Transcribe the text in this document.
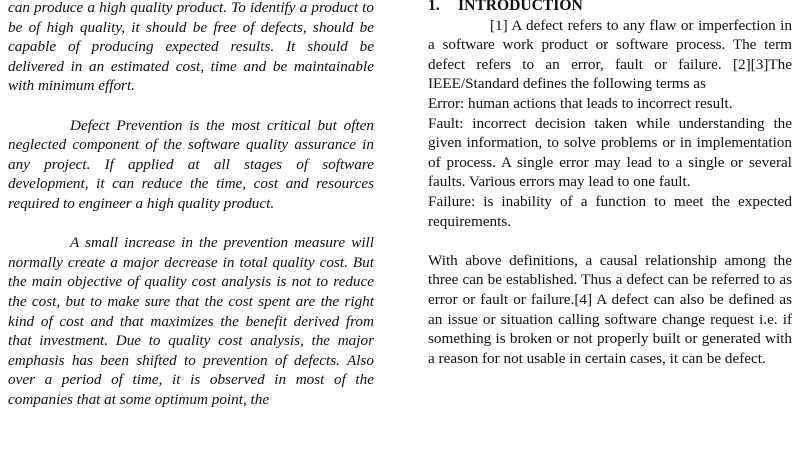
can produce a high quality product. To identify a product to be of high quality, it should be free of defects, should be capable of producing expected results. It should be delivered in an estimated cost, time and be maintainable with minimum effort.

Defect Prevention is the most critical but often neglected component of the software quality assurance in any project. If applied at all stages of software development, it can reduce the time, cost and resources required to engineer a high quality product.

A small increase in the prevention measure will normally create a major decrease in total quality cost. But the main objective of quality cost analysis is not to reduce the cost, but to make sure that the cost spent are the right kind of cost and that maximizes the benefit derived from that investment. Due to quality cost analysis, the major emphasis has been shifted to prevention of defects. Also over a period of time, it is observed in most of the companies that at some optimum point, the

1. INTRODUCTION

[1] A defect refers to any flaw or imperfection in a software work product or software process. The term defect refers to an error, fault or failure. [2][3]The IEEE/Standard defines the following terms as

Error: human actions that leads to incorrect result.

Fault: incorrect decision taken while understanding the given information, to solve problems or in implementation of process. A single error may lead to a single or several faults. Various errors may lead to one fault.

Failure: is inability of a function to meet the expected requirements.

With above definitions, a causal relationship among the three can be established. Thus a defect can be referred to as error or fault or failure.[4] A defect can also be defined as an issue or situation calling software change request i.e. if something is broken or not properly built or generated with a reason for not usable in certain cases, it can be defect.
